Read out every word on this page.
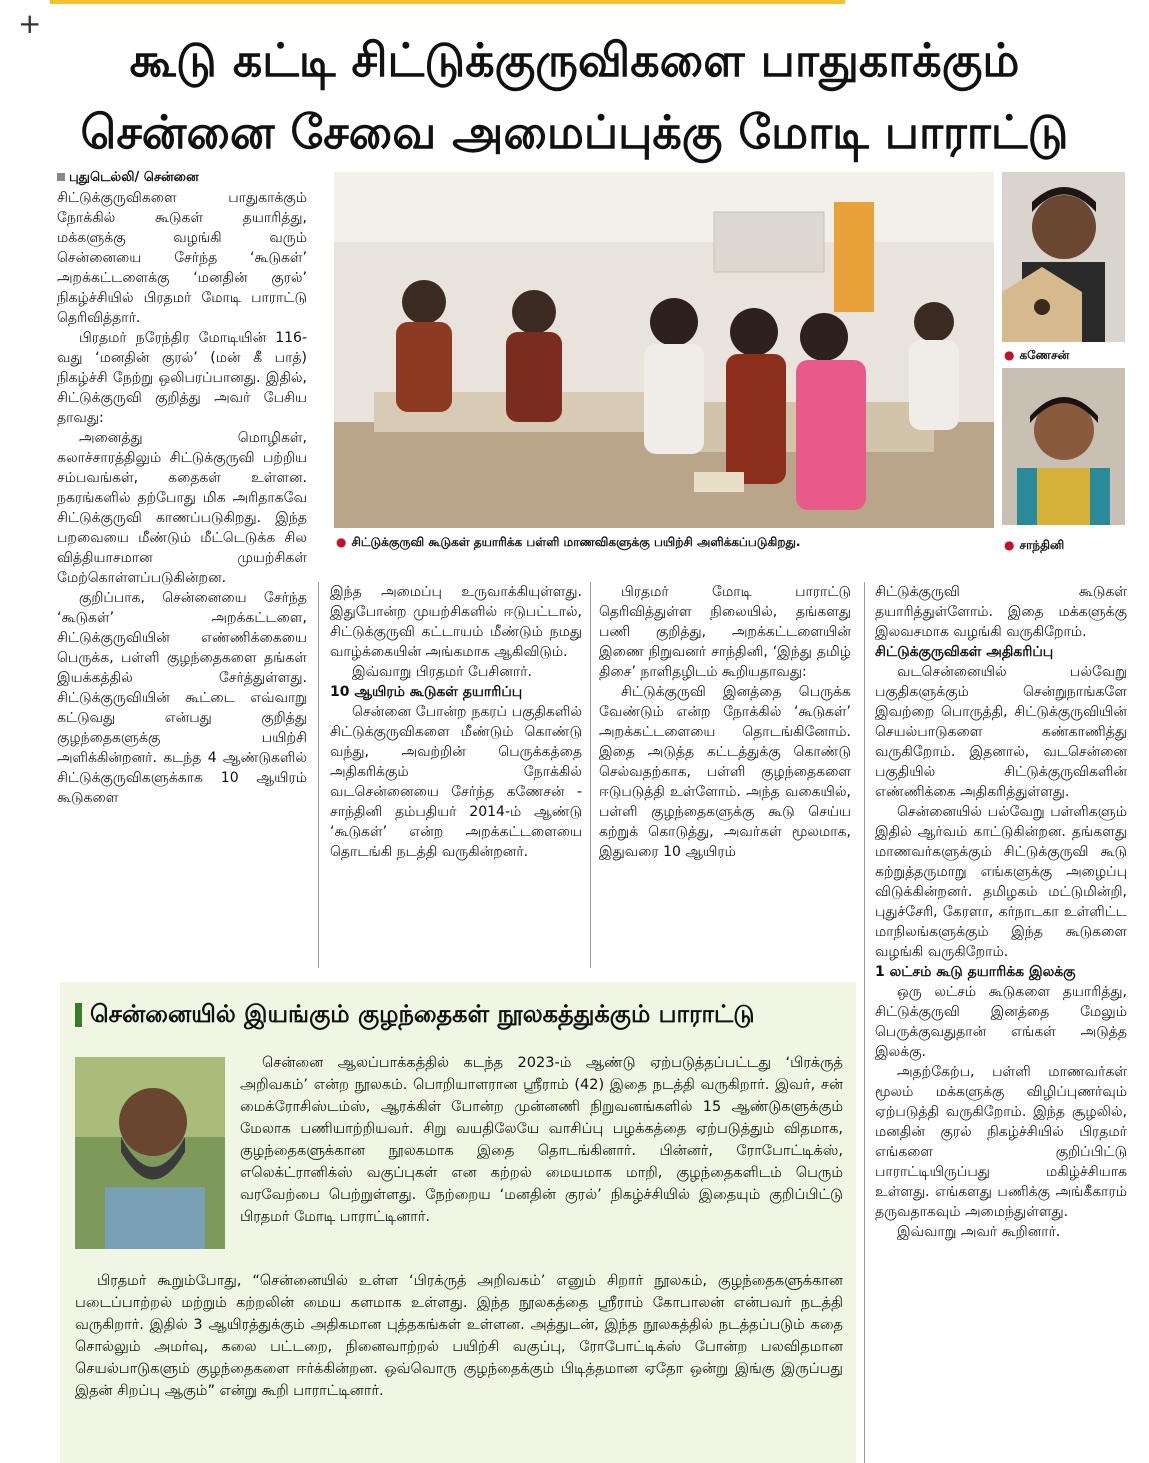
+
கூடு கட்டி சிட்டுக்குருவிகளை பாதுகாக்கும்
சென்னை சேவை அமைப்புக்கு மோடி பாராட்டு

புதுடெல்லி/ சென்னை

சிட்டுக்குருவிகளை பாதுகாக்கும் நோக்கில் கூடுகள் தயாரித்து, மக்களுக்கு வழங்கி வரும் சென்னையை சேர்ந்த ‘கூடுகள்’ அறக்கட்டளைக்கு ‘மனதின் குரல்’ நிகழ்ச்சியில் பிரதமர் மோடி பாராட்டு தெரிவித்தார்.

பிரதமர் நரேந்திர மோடியின் 116-வது ‘மனதின் குரல்’ (மன் கீ பாத்) நிகழ்ச்சி நேற்று ஒலிபரப்பானது. இதில், சிட்டுக்குருவி குறித்து அவர் பேசிய தாவது:

அனைத்து மொழிகள், கலாச்சாரத்திலும் சிட்டுக்குருவி பற்றிய சம்பவங்கள், கதைகள் உள்ளன. நகரங்களில் தற்போது மிக அரிதாகவே சிட்டுக்குருவி காணப்படுகிறது. இந்த பறவையை மீண்டும் மீட்டெடுக்க சில வித்தியாசமான முயற்சிகள் மேற்கொள்ளப்படுகின்றன.

குறிப்பாக, சென்னையை சேர்ந்த ‘கூடுகள்’ அறக்கட்டளை, சிட்டுக்குருவியின் எண்ணிக்கையை பெருக்க, பள்ளி குழந்தைகளை தங்கள் இயக்கத்தில் சேர்த்துள்ளது. சிட்டுக்குருவியின் கூட்டை எவ்வாறு கட்டுவது என்பது குறித்து குழந்தைகளுக்கு பயிற்சி அளிக்கின்றனர். கடந்த 4 ஆண்டுகளில் சிட்டுக்குருவிகளுக்காக 10 ஆயிரம் கூடுகளை

● சிட்டுக்குருவி கூடுகள் தயாரிக்க பள்ளி மாணவிகளுக்கு பயிற்சி அளிக்கப்படுகிறது.
● கணேசன்
● சாந்தினி

இந்த அமைப்பு உருவாக்கியுள்ளது. இதுபோன்ற முயற்சிகளில் ஈடுபட்டால், சிட்டுக்குருவி கட்டாயம் மீண்டும் நமது வாழ்க்கையின் அங்கமாக ஆகிவிடும்.

இவ்வாறு பிரதமர் பேசினார்.

10 ஆயிரம் கூடுகள் தயாரிப்பு

சென்னை போன்ற நகரப் பகுதிகளில் சிட்டுக்குருவிகளை மீண்டும் கொண்டு வந்து, அவற்றின் பெருக்கத்தை அதிகரிக்கும் நோக்கில் வடசென்னையை சேர்ந்த கணேசன் - சாந்தினி தம்பதியர் 2014-ம் ஆண்டு ‘கூடுகள்’ என்ற அறக்கட்டளையை தொடங்கி நடத்தி வருகின்றனர்.

பிரதமர் மோடி பாராட்டு தெரிவித்துள்ள நிலையில், தங்களது பணி குறித்து, அறக்கட்டளையின் இணை நிறுவனர் சாந்தினி, ‘இந்து தமிழ் திசை’ நாளிதழிடம் கூறியதாவது:

சிட்டுக்குருவி இனத்தை பெருக்க வேண்டும் என்ற நோக்கில் ‘கூடுகள்’ அறக்கட்டளையை தொடங்கினோம். இதை அடுத்த கட்டத்துக்கு கொண்டு செல்வதற்காக, பள்ளி குழந்தைகளை ஈடுபடுத்தி உள்ளோம். அந்த வகையில், பள்ளி குழந்தைகளுக்கு கூடு செய்ய கற்றுக் கொடுத்து, அவர்கள் மூலமாக, இதுவரை 10 ஆயிரம்

சிட்டுக்குருவி கூடுகள் தயாரித்துள்ளோம். இதை மக்களுக்கு இலவசமாக வழங்கி வருகிறோம்.

சிட்டுக்குருவிகள் அதிகரிப்பு

வடசென்னையில் பல்வேறு பகுதிகளுக்கும் சென்றுநாங்களே இவற்றை பொருத்தி, சிட்டுக்குருவியின் செயல்பாடுகளை கண்காணித்து வருகிறோம். இதனால், வடசென்னை பகுதியில் சிட்டுக்குருவிகளின் எண்ணிக்கை அதிகரித்துள்ளது.

சென்னையில் பல்வேறு பள்ளிகளும் இதில் ஆர்வம் காட்டுகின்றன. தங்களது மாணவர்களுக்கும் சிட்டுக்குருவி கூடு கற்றுத்தருமாறு எங்களுக்கு அழைப்பு விடுக்கின்றனர். தமிழகம் மட்டுமின்றி, புதுச்சேரி, கேரளா, கர்நாடகா உள்ளிட்ட மாநிலங்களுக்கும் இந்த கூடுகளை வழங்கி வருகிறோம்.

1 லட்சம் கூடு தயாரிக்க இலக்கு

ஒரு லட்சம் கூடுகளை தயாரித்து, சிட்டுக்குருவி இனத்தை மேலும் பெருக்குவதுதான் எங்கள் அடுத்த இலக்கு.

அதற்கேற்ப, பள்ளி மாணவர்கள் மூலம் மக்களுக்கு விழிப்புணர்வும் ஏற்படுத்தி வருகிறோம். இந்த சூழலில், மனதின் குரல் நிகழ்ச்சியில் பிரதமர் எங்களை குறிப்பிட்டு பாராட்டியிருப்பது மகிழ்ச்சியாக உள்ளது. எங்களது பணிக்கு அங்கீகாரம் தருவதாகவும் அமைந்துள்ளது.

இவ்வாறு அவர் கூறினார்.

சென்னையில் இயங்கும் குழந்தைகள் நூலகத்துக்கும் பாராட்டு
சென்னை ஆலப்பாக்கத்தில் கடந்த 2023-ம் ஆண்டு ஏற்படுத்தப்பட்டது ‘பிரக்ருத் அறிவகம்’ என்ற நூலகம். பொறியாளரான ஸ்ரீராம் (42) இதை நடத்தி வருகிறார். இவர், சன் மைக்ரோசிஸ்டம்ஸ், ஆரக்கிள் போன்ற முன்னணி நிறுவனங்களில் 15 ஆண்டுகளுக்கும் மேலாக பணியாற்றியவர். சிறு வயதிலேயே வாசிப்பு பழக்கத்தை ஏற்படுத்தும் விதமாக, குழந்தைகளுக்கான நூலகமாக இதை தொடங்கினார். பின்னர், ரோபோட்டிக்ஸ், எலெக்ட்ரானிக்ஸ் வகுப்புகள் என கற்றல் மையமாக மாறி, குழந்தைகளிடம் பெரும் வரவேற்பை பெற்றுள்ளது. நேற்றைய ‘மனதின் குரல்’ நிகழ்ச்சியில் இதையும் குறிப்பிட்டு பிரதமர் மோடி பாராட்டினார்.
பிரதமர் கூறும்போது, “சென்னையில் உள்ள ‘பிரக்ருத் அறிவகம்’ எனும் சிறார் நூலகம், குழந்தைகளுக்கான படைப்பாற்றல் மற்றும் கற்றலின் மைய களமாக உள்ளது. இந்த நூலகத்தை ஸ்ரீராம் கோபாலன் என்பவர் நடத்தி வருகிறார். இதில் 3 ஆயிரத்துக்கும் அதிகமான புத்தகங்கள் உள்ளன. அத்துடன், இந்த நூலகத்தில் நடத்தப்படும் கதை சொல்லும் அமர்வு, கலை பட்டறை, நினைவாற்றல் பயிற்சி வகுப்பு, ரோபோட்டிக்ஸ் போன்ற பலவிதமான செயல்பாடுகளும் குழந்தைகளை ஈர்க்கின்றன. ஒவ்வொரு குழந்தைக்கும் பிடித்தமான ஏதோ ஒன்று இங்கு இருப்பது இதன் சிறப்பு ஆகும்” என்று கூறி பாராட்டினார்.
